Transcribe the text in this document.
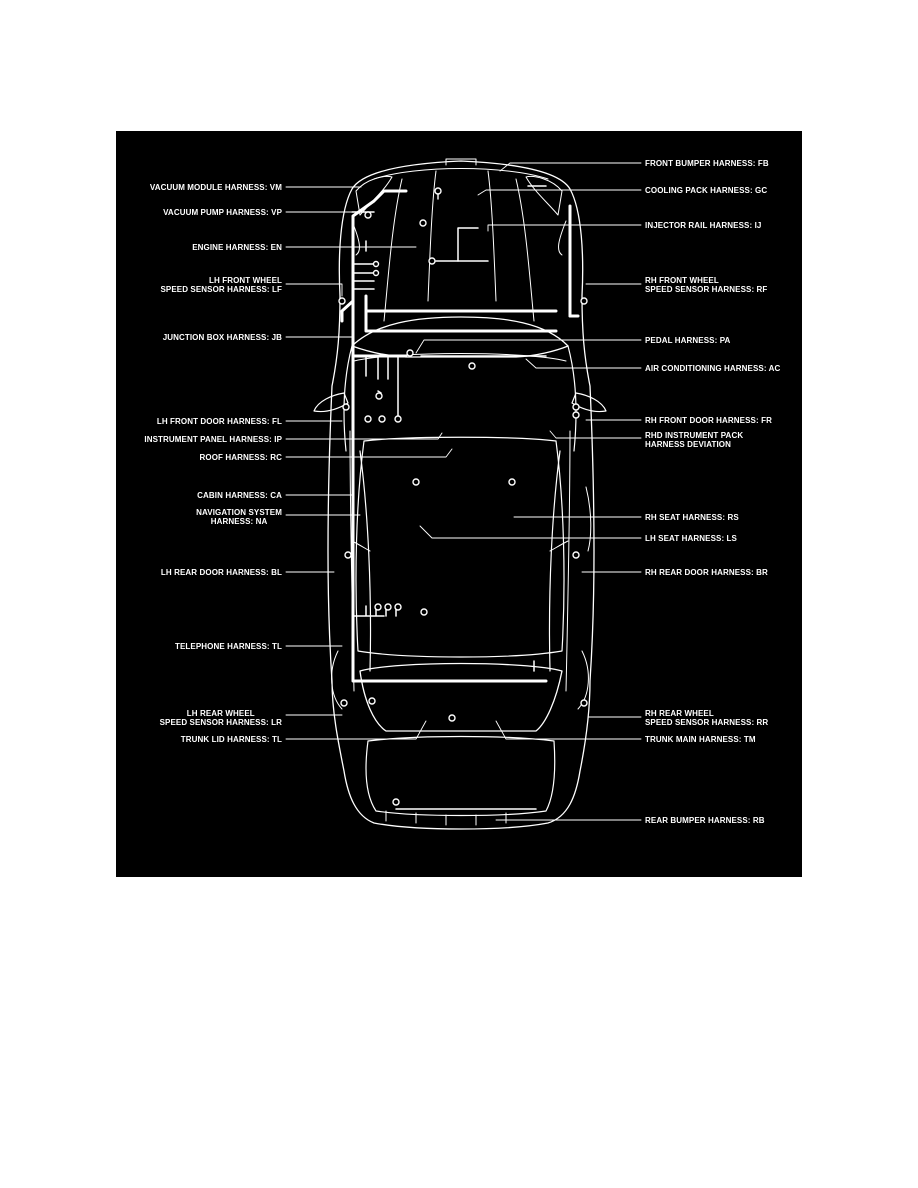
VACUUM MODULE HARNESS: VM
VACUUM PUMP HARNESS: VP
ENGINE HARNESS: EN
LH FRONT WHEEL
SPEED SENSOR HARNESS: LF
JUNCTION BOX HARNESS: JB
LH FRONT DOOR HARNESS: FL
INSTRUMENT PANEL HARNESS: IP
ROOF HARNESS: RC
CABIN HARNESS: CA
NAVIGATION SYSTEM
HARNESS: NA
LH REAR DOOR HARNESS: BL
TELEPHONE HARNESS: TL
LH REAR WHEEL
SPEED SENSOR HARNESS: LR
TRUNK LID HARNESS: TL
FRONT BUMPER HARNESS: FB
COOLING PACK HARNESS: GC
INJECTOR RAIL HARNESS: IJ
RH FRONT WHEEL
SPEED SENSOR HARNESS: RF
PEDAL HARNESS: PA
AIR CONDITIONING HARNESS: AC
RH FRONT DOOR HARNESS: FR
RHD INSTRUMENT PACK
HARNESS DEVIATION
RH SEAT HARNESS: RS
LH SEAT HARNESS: LS
RH REAR DOOR HARNESS: BR
RH REAR WHEEL
SPEED SENSOR HARNESS: RR
TRUNK MAIN HARNESS: TM
REAR BUMPER HARNESS: RB
